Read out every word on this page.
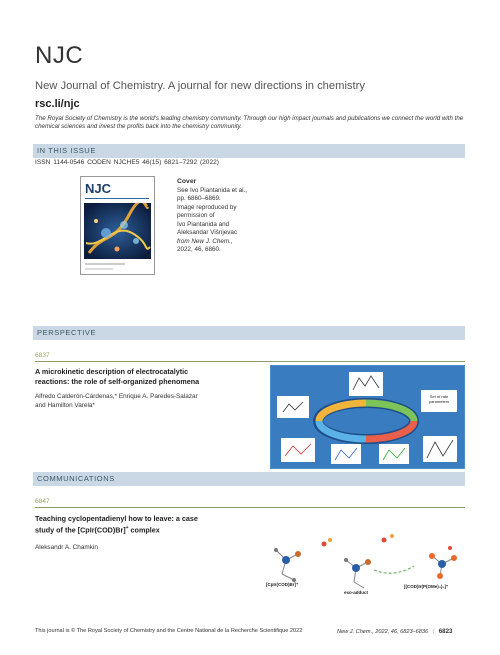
NJC
New Journal of Chemistry. A journal for new directions in chemistry
rsc.li/njc
The Royal Society of Chemistry is the world's leading chemistry community. Through our high impact journals and publications we connect the world with the chemical sciences and invest the profits back into the chemistry community.
IN THIS ISSUE
ISSN 1144-0546 CODEN NJCHE5 46(15) 6821–7292 (2022)
NJC	Cover
See Ivo Piantanida et al.,
pp. 6860–6869.
Image reproduced by
permission of
Ivo Piantanida and
Aleksandar Višnjevac
from New J. Chem.,
2022, 46, 6860.
PERSPECTIVE
6837
A microkinetic description of electrocatalytic
reactions: the role of self-organized phenomena
Alfredo Calderón-Cárdenas,* Enrique A. Paredes-Salazar
and Hamilton Varela*
Set of rate parameters
COMMUNICATIONS
6847
Teaching cyclopentadienyl how to leave: a case
study of the [CpIr(COD)Br]+ complex
Aleksandr A. Chamkin
[CpIr(COD)Br]⁺
exo-adduct
[(COD)Ir(P(OMe)₃)₃]⁺
This journal is © The Royal Society of Chemistry and the Centre National de la Recherche Scientifique 2022	New J. Chem., 2022, 46, 6823–6836 | 6823
